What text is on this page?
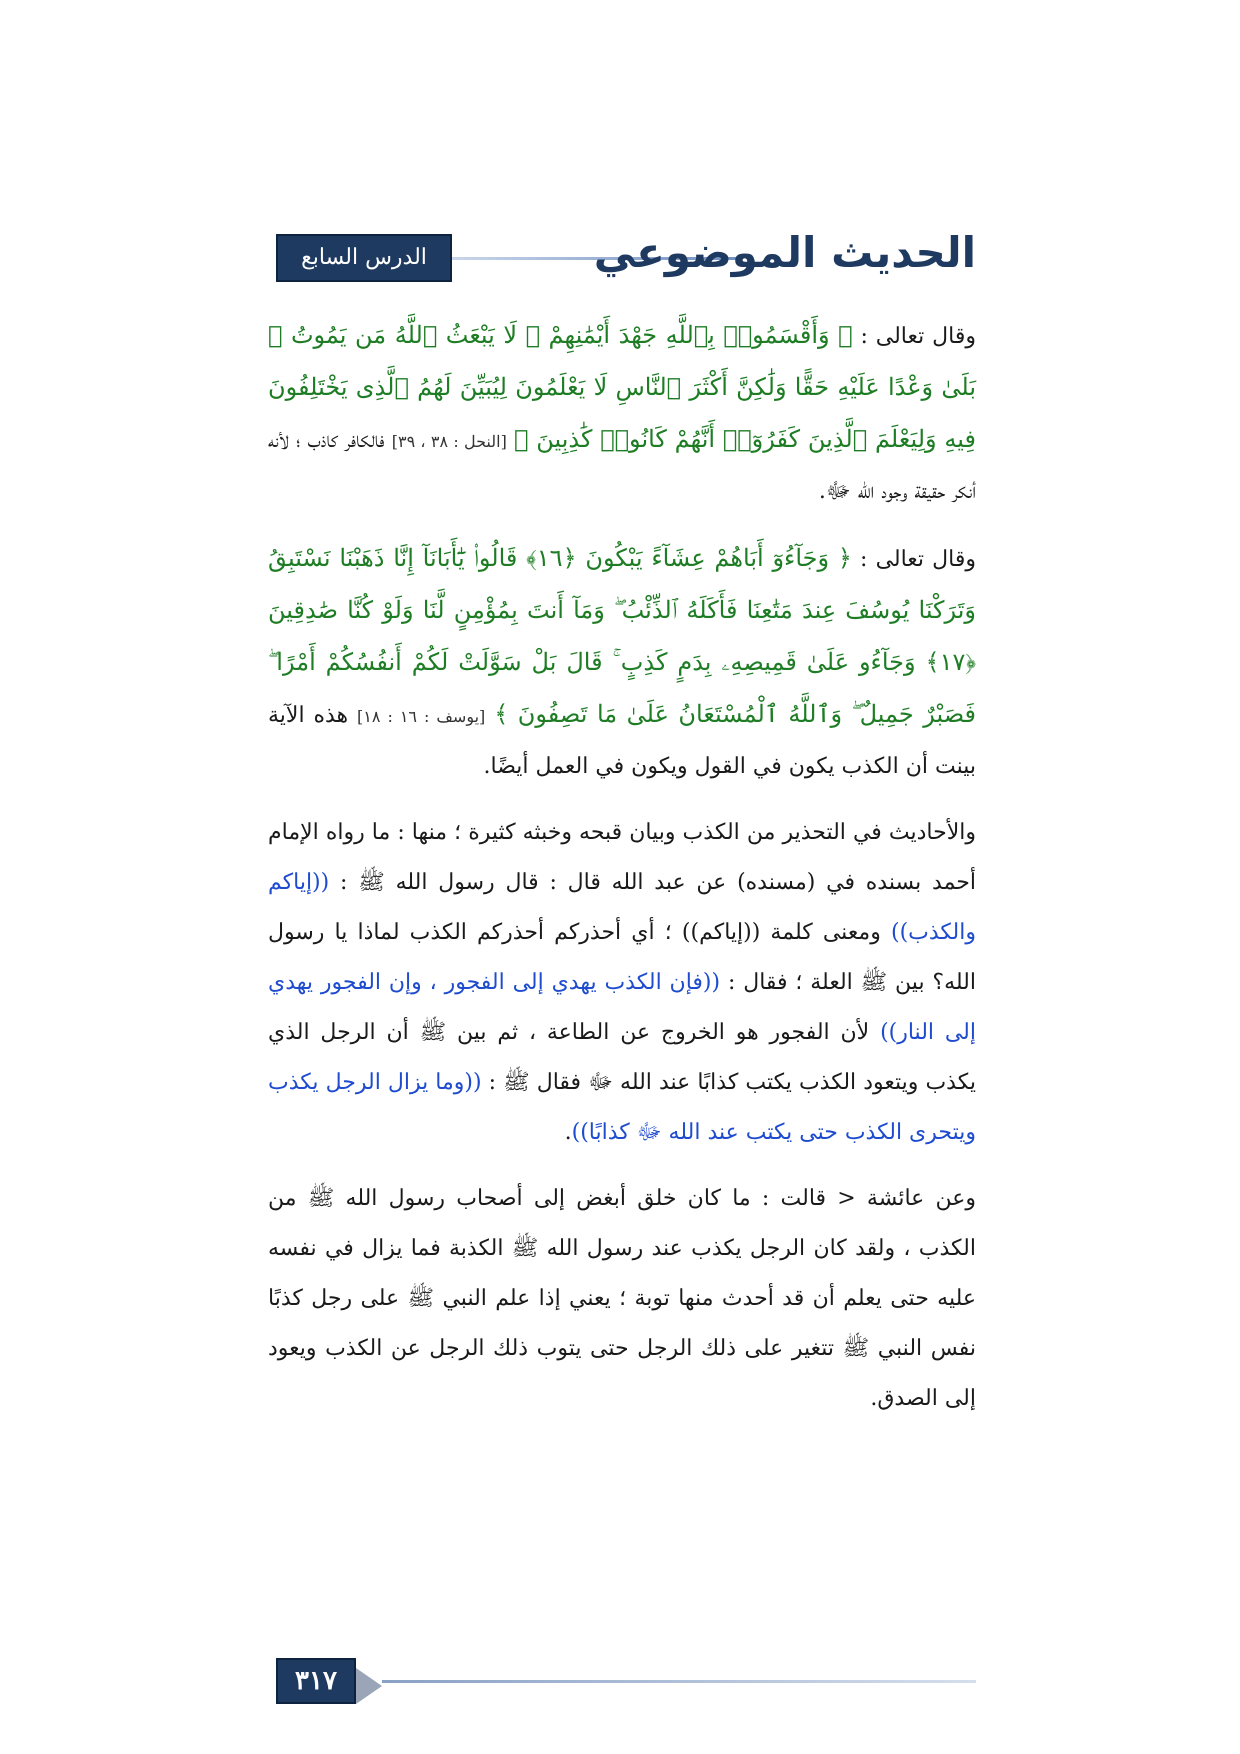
الدرس السابع عشر
الحديث الموضوعي

وقال تعالى : ﴿ وَأَقْسَمُوا۟ بِٱللَّهِ جَهْدَ أَيْمَٰنِهِمْ ۙ لَا يَبْعَثُ ٱللَّهُ مَن يَمُوتُ ۚ بَلَىٰ وَعْدًا عَلَيْهِ حَقًّا وَلَٰكِنَّ أَكْثَرَ ٱلنَّاسِ لَا يَعْلَمُونَ لِيُبَيِّنَ لَهُمُ ٱلَّذِى يَخْتَلِفُونَ فِيهِ وَلِيَعْلَمَ ٱلَّذِينَ كَفَرُوٓا۟ أَنَّهُمْ كَانُوا۟ كَٰذِبِينَ ﴾ [النحل : ٣٨ ، ٣٩] فالكافر كاذب ؛ لأنه أنكر حقيقة وجود الله ﷻ.

وقال تعالى : ﴿ وَجَآءُوٓ أَبَاهُمْ عِشَآءً يَبْكُونَ ﴿١٦﴾ قَالُوا۟ يَٰٓأَبَانَآ إِنَّا ذَهَبْنَا نَسْتَبِقُ وَتَرَكْنَا يُوسُفَ عِندَ مَتَٰعِنَا فَأَكَلَهُ ٱلذِّئْبُ ۖ وَمَآ أَنتَ بِمُؤْمِنٍ لَّنَا وَلَوْ كُنَّا صَٰدِقِينَ ﴿١٧﴾ وَجَآءُو عَلَىٰ قَمِيصِهِۦ بِدَمٍ كَذِبٍ ۚ قَالَ بَلْ سَوَّلَتْ لَكُمْ أَنفُسُكُمْ أَمْرًا ۖ فَصَبْرٌ جَمِيلٌ ۖ وَٱللَّهُ ٱلْمُسْتَعَانُ عَلَىٰ مَا تَصِفُونَ ﴾ [يوسف : ١٦ : ١٨] هذه الآية بينت أن الكذب يكون في القول ويكون في العمل أيضًا.

والأحاديث في التحذير من الكذب وبيان قبحه وخبثه كثيرة ؛ منها : ما رواه الإمام أحمد بسنده في (مسنده) عن عبد الله قال : قال رسول الله ﷺ : ((إياكم والكذب)) ومعنى كلمة ((إياكم)) ؛ أي أحذركم أحذركم الكذب لماذا يا رسول الله؟ بين ﷺ العلة ؛ فقال : ((فإن الكذب يهدي إلى الفجور ، وإن الفجور يهدي إلى النار)) لأن الفجور هو الخروج عن الطاعة ، ثم بين ﷺ أن الرجل الذي يكذب ويتعود الكذب يكتب كذابًا عند الله ﷻ فقال ﷺ : ((وما يزال الرجل يكذب ويتحرى الكذب حتى يكتب عند الله ﷻ كذابًا)).

وعن عائشة < قالت : ما كان خلق أبغض إلى أصحاب رسول الله ﷺ من الكذب ، ولقد كان الرجل يكذب عند رسول الله ﷺ الكذبة فما يزال في نفسه عليه حتى يعلم أن قد أحدث منها توبة ؛ يعني إذا علم النبي ﷺ على رجل كذبًا نفس النبي ﷺ تتغير على ذلك الرجل حتى يتوب ذلك الرجل عن الكذب ويعود إلى الصدق.

٣١٧
